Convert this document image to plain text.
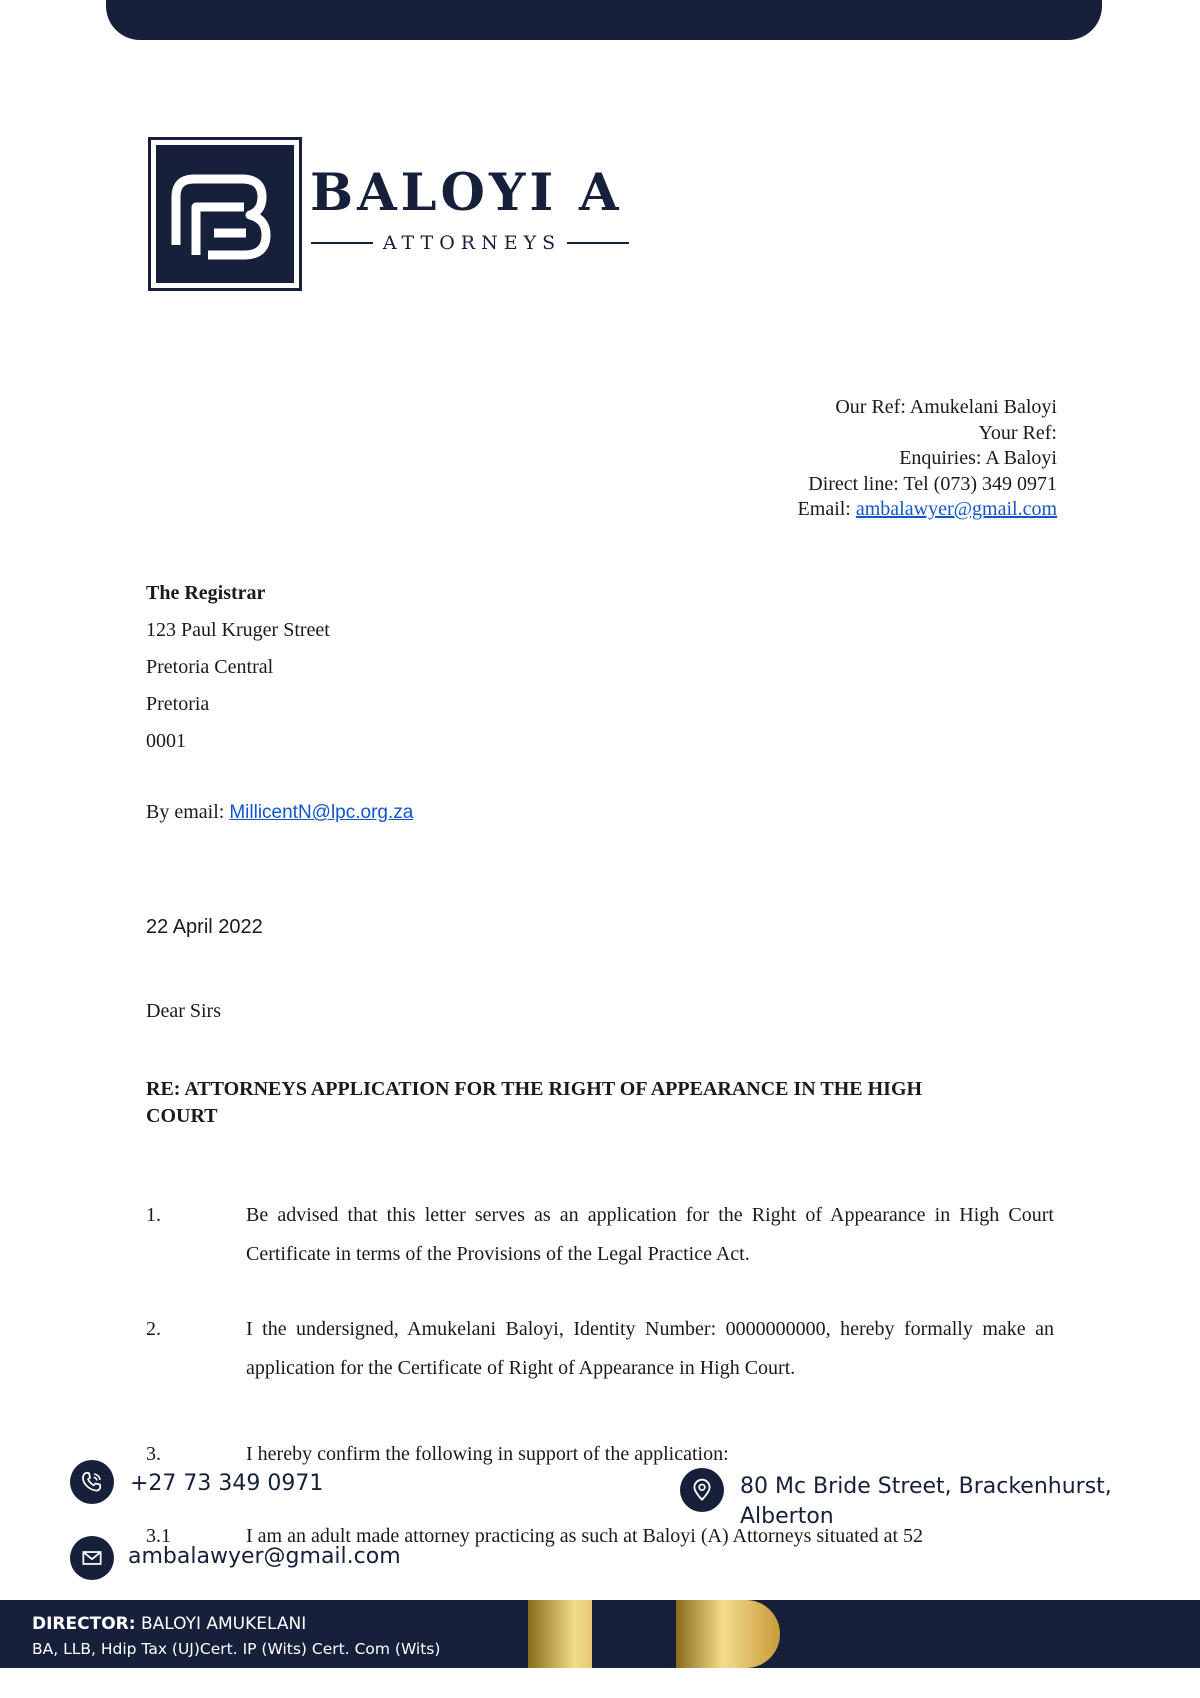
BALOYI A
ATTORNEYS
Our Ref: Amukelani Baloyi
Your Ref:
Enquiries: A Baloyi
Direct line: Tel (073) 349 0971
Email: ambalawyer@gmail.com
The Registrar
123 Paul Kruger Street
Pretoria Central
Pretoria
0001
By email: MillicentN@lpc.org.za
22 April 2022
Dear Sirs
RE: ATTORNEYS APPLICATION FOR THE RIGHT OF APPEARANCE IN THE HIGH
COURT
1.	Be advised that this letter serves as an application for the Right of Appearance in High Court Certificate in terms of the Provisions of the Legal Practice Act.
2.	I the undersigned, Amukelani Baloyi, Identity Number: 0000000000, hereby formally make an application for the Certificate of Right of Appearance in High Court.
3.	I hereby confirm the following in support of the application:
3.1	I am an adult made attorney practicing as such at Baloyi (A) Attorneys situated at 52
+27 73 349 0971	80 Mc Bride Street, Brackenhurst,
Alberton
ambalawyer@gmail.com
DIRECTOR: BALOYI AMUKELANI
BA, LLB, Hdip Tax (UJ)Cert. IP (Wits) Cert. Com (Wits)
